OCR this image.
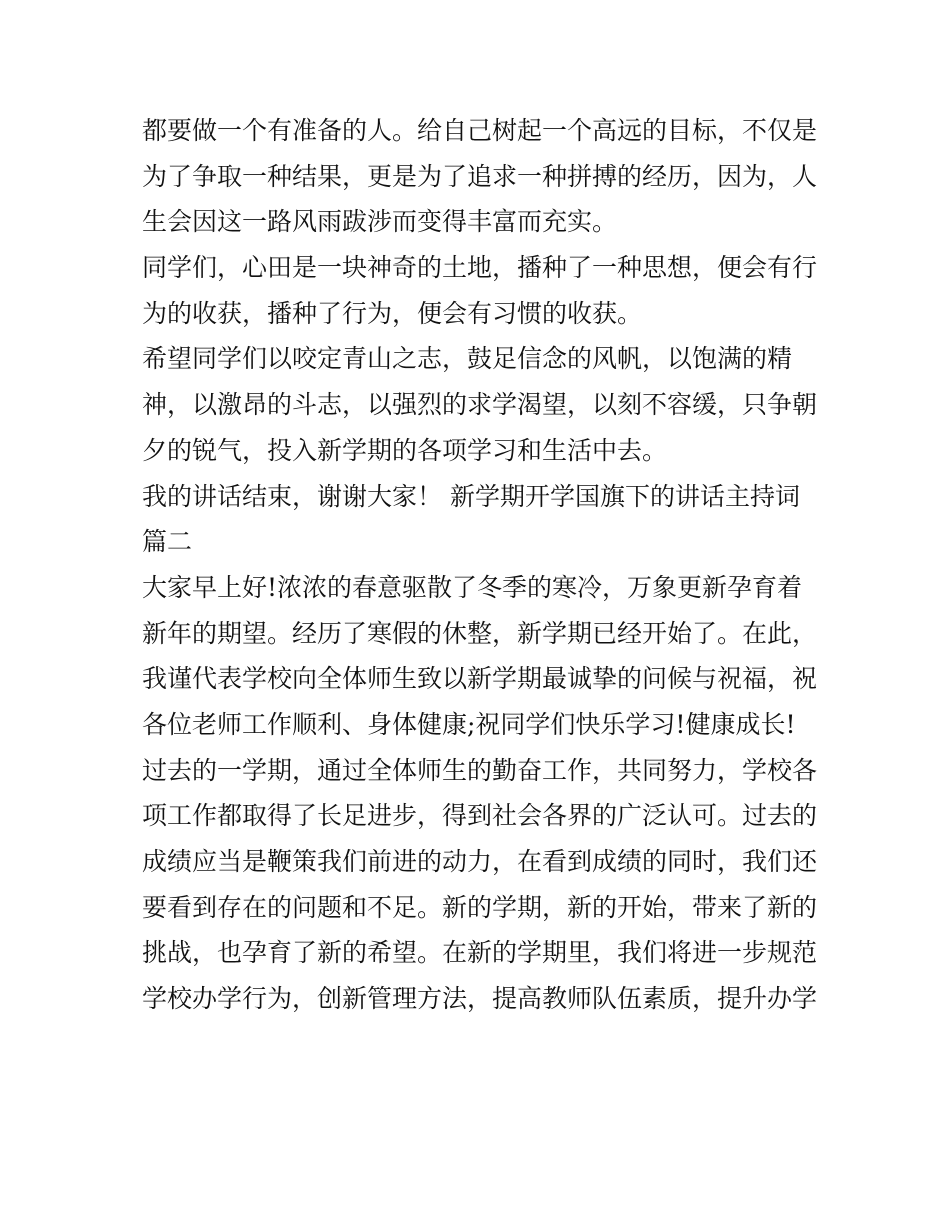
都要做一个有准备的人。给自己树起一个高远的目标，不仅是
为了争取一种结果，更是为了追求一种拼搏的经历，因为，人
生会因这一路风雨跋涉而变得丰富而充实。
同学们，心田是一块神奇的土地，播种了一种思想，便会有行
为的收获，播种了行为，便会有习惯的收获。
希望同学们以咬定青山之志，鼓足信念的风帆，以饱满的精
神，以激昂的斗志，以强烈的求学渴望，以刻不容缓，只争朝
夕的锐气，投入新学期的各项学习和生活中去。
我的讲话结束，谢谢大家！ 新学期开学国旗下的讲话主持词
篇二
大家早上好!浓浓的春意驱散了冬季的寒冷，万象更新孕育着
新年的期望。经历了寒假的休整，新学期已经开始了。在此，
我谨代表学校向全体师生致以新学期最诚挚的问候与祝福，祝
各位老师工作顺利、身体健康;祝同学们快乐学习!健康成长!
过去的一学期，通过全体师生的勤奋工作，共同努力，学校各
项工作都取得了长足进步，得到社会各界的广泛认可。过去的
成绩应当是鞭策我们前进的动力，在看到成绩的同时，我们还
要看到存在的问题和不足。新的学期，新的开始，带来了新的
挑战，也孕育了新的希望。在新的学期里，我们将进一步规范
学校办学行为，创新管理方法，提高教师队伍素质，提升办学
